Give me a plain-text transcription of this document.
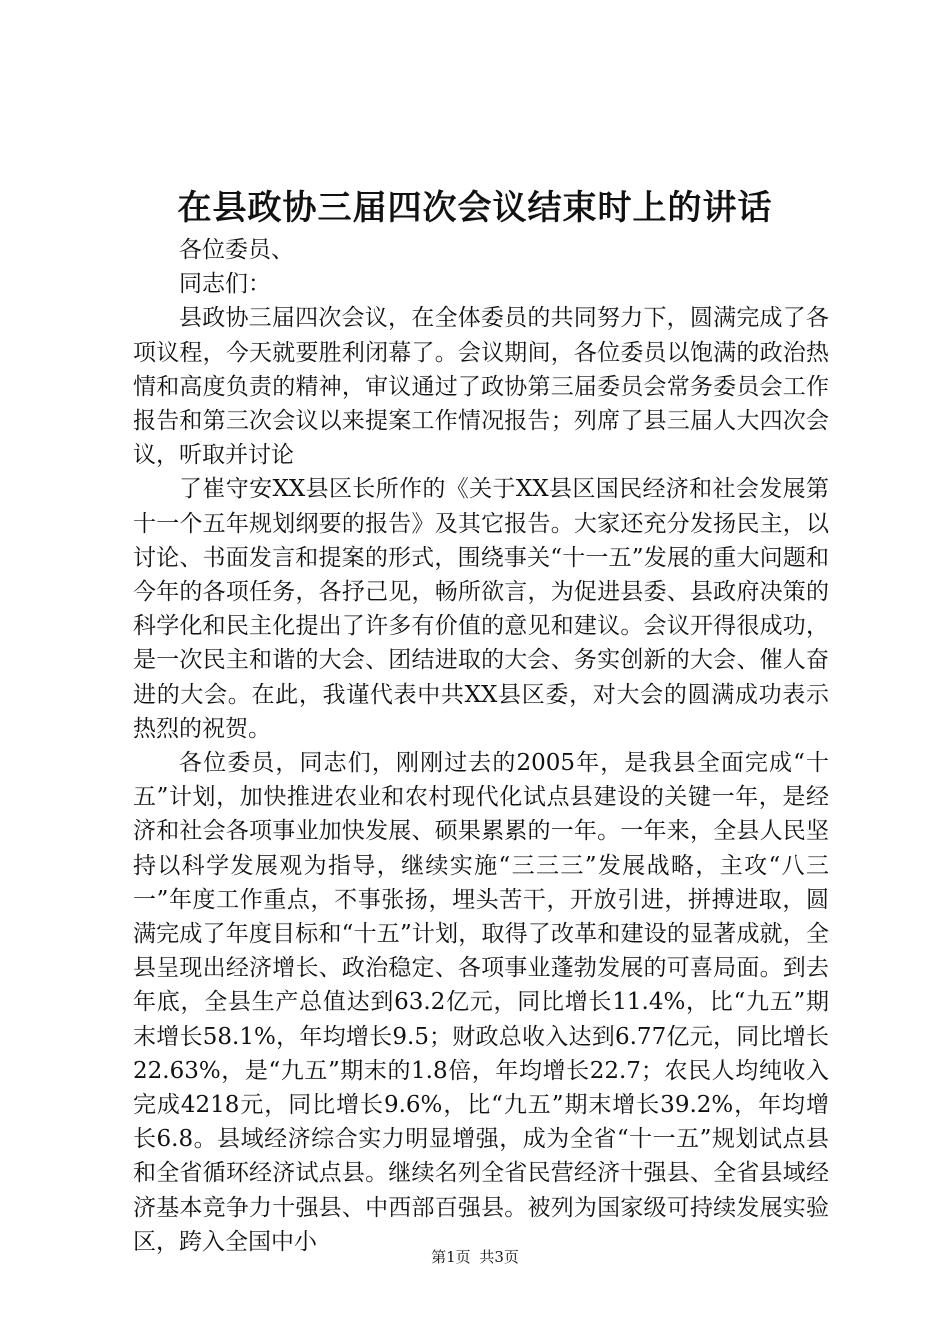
在县政协三届四次会议结束时上的讲话

各位委员、

同志们：

县政协三届四次会议，在全体委员的共同努力下，圆满完成了各项议程，今天就要胜利闭幕了。会议期间，各位委员以饱满的政治热情和高度负责的精神，审议通过了政协第三届委员会常务委员会工作报告和第三次会议以来提案工作情况报告；列席了县三届人大四次会议，听取并讨论

了崔守安XX县区长所作的《关于XX县区国民经济和社会发展第十一个五年规划纲要的报告》及其它报告。大家还充分发扬民主，以讨论、书面发言和提案的形式，围绕事关“十一五”发展的重大问题和今年的各项任务，各抒己见，畅所欲言，为促进县委、县政府决策的科学化和民主化提出了许多有价值的意见和建议。会议开得很成功，是一次民主和谐的大会、团结进取的大会、务实创新的大会、催人奋进的大会。在此，我谨代表中共XX县区委，对大会的圆满成功表示热烈的祝贺。

各位委员，同志们，刚刚过去的2005年，是我县全面完成“十五”计划，加快推进农业和农村现代化试点县建设的关键一年，是经济和社会各项事业加快发展、硕果累累的一年。一年来，全县人民坚持以科学发展观为指导，继续实施“三三三”发展战略，主攻“八三一”年度工作重点，不事张扬，埋头苦干，开放引进，拼搏进取，圆满完成了年度目标和“十五”计划，取得了改革和建设的显著成就，全县呈现出经济增长、政治稳定、各项事业蓬勃发展的可喜局面。到去年底，全县生产总值达到63.2亿元，同比增长11.4%，比“九五”期末增长58.1%，年均增长9.5；财政总收入达到6.77亿元，同比增长22.63%，是“九五”期末的1.8倍，年均增长22.7；农民人均纯收入完成4218元，同比增长9.6%，比“九五”期末增长39.2%，年均增长6.8。县域经济综合实力明显增强，成为全省“十一五”规划试点县和全省循环经济试点县。继续名列全省民营经济十强县、全省县域经济基本竞争力十强县、中西部百强县。被列为国家级可持续发展实验区，跨入全国中小

第1页 共3页
